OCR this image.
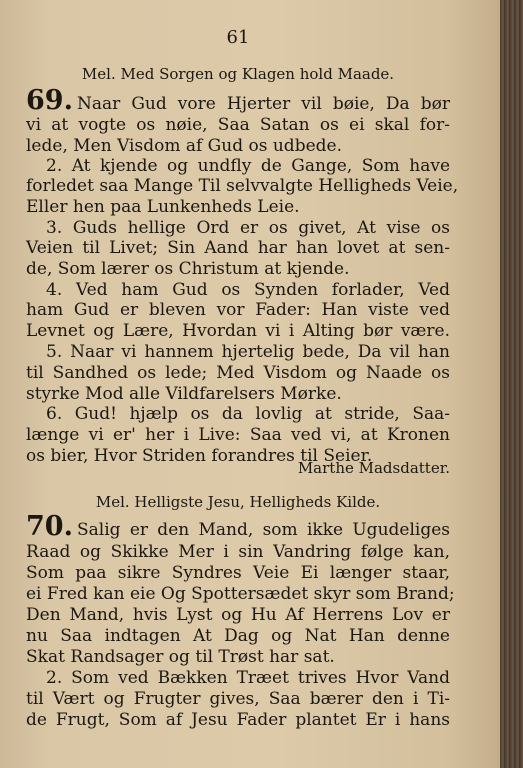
61
Mel. Med Sorgen og Klagen hold Maade.
69. Naar Gud vore Hjerter vil bøie, Da bør
vi at vogte os nøie, Saa Satan os ei skal for-
lede, Men Visdom af Gud os udbede.
2. At kjende og undfly de Gange, Som have
forledet saa Mange Til selvvalgte Helligheds Veie,
Eller hen paa Lunkenheds Leie.
3. Guds hellige Ord er os givet, At vise os
Veien til Livet; Sin Aand har han lovet at sen-
de, Som lærer os Christum at kjende.
4. Ved ham Gud os Synden forlader, Ved
ham Gud er bleven vor Fader: Han viste ved
Levnet og Lære, Hvordan vi i Alting bør være.
5. Naar vi hannem hjertelig bede, Da vil han
til Sandhed os lede; Med Visdom og Naade os
styrke Mod alle Vildfarelsers Mørke.
6. Gud! hjælp os da lovlig at stride, Saa-
længe vi er' her i Live: Saa ved vi, at Kronen
os bier, Hvor Striden forandres til Seier.
Marthe Madsdatter.
Mel. Helligste Jesu, Helligheds Kilde.
70. Salig er den Mand, som ikke Ugudeliges
Raad og Skikke Mer i sin Vandring følge kan,
Som paa sikre Syndres Veie Ei længer staar,
ei Fred kan eie Og Spottersædet skyr som Brand;
Den Mand, hvis Lyst og Hu Af Herrens Lov er
nu Saa indtagen At Dag og Nat Han denne
Skat Randsager og til Trøst har sat.
2. Som ved Bækken Træet trives Hvor Vand
til Vært og Frugter gives, Saa bærer den i Ti-
de Frugt, Som af Jesu Fader plantet Er i hans
